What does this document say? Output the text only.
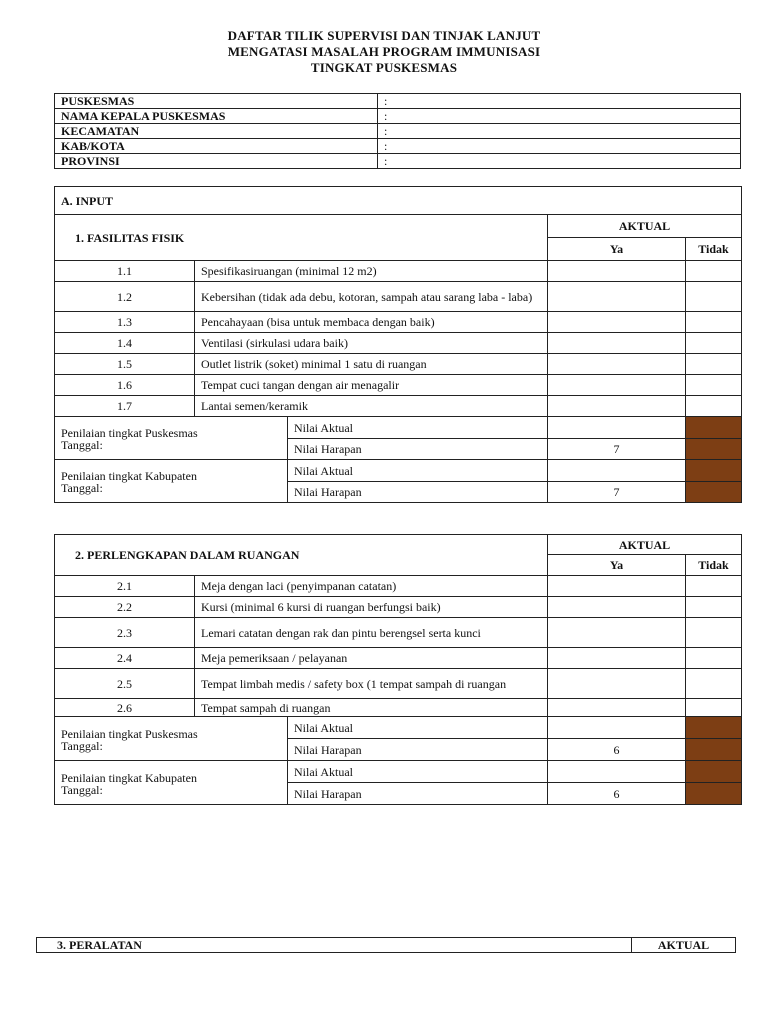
DAFTAR TILIK SUPERVISI DAN TINJAK LANJUT
MENGATASI MASALAH PROGRAM IMMUNISASI
TINGKAT PUSKESMAS
PUSKESMAS	:
NAMA KEPALA PUSKESMAS	:
KECAMATAN	:
KAB/KOTA	:
PROVINSI	:
A. INPUT				
1. FASILITAS FISIK			AKTUAL	
			Ya	Tidak
1.1	Spesifikasiruangan (minimal 12 m2)			
1.2	Kebersihan (tidak ada debu, kotoran, sampah atau sarang laba - laba)			
1.3	Pencahayaan (bisa untuk membaca dengan baik)			
1.4	Ventilasi (sirkulasi udara baik)			
1.5	Outlet listrik (soket) minimal 1 satu di ruangan			
1.6	Tempat cuci tangan dengan air menagalir			
1.7	Lantai semen/keramik			

Penilaian tingkat Puskesmas
Tanggal:		Nilai Aktual		
		Nilai Harapan	7	

Penilaian tingkat Kabupaten
Tanggal:		Nilai Aktual		
		Nilai Harapan	7	
2. PERLENGKAPAN DALAM RUANGAN			AKTUAL	
			Ya	Tidak
2.1	Meja dengan laci (penyimpanan catatan)			
2.2	Kursi (minimal 6 kursi di ruangan berfungsi baik)			
2.3	Lemari catatan dengan rak dan pintu berengsel serta kunci			
2.4	Meja pemeriksaan / pelayanan			
2.5	Tempat limbah medis / safety box (1 tempat sampah di ruangan			
2.6	Tempat sampah di ruangan			

Penilaian tingkat Puskesmas
Tanggal:		Nilai Aktual		
		Nilai Harapan	6	

Penilaian tingkat Kabupaten
Tanggal:		Nilai Aktual		
		Nilai Harapan	6	
3. PERALATAN	AKTUAL
